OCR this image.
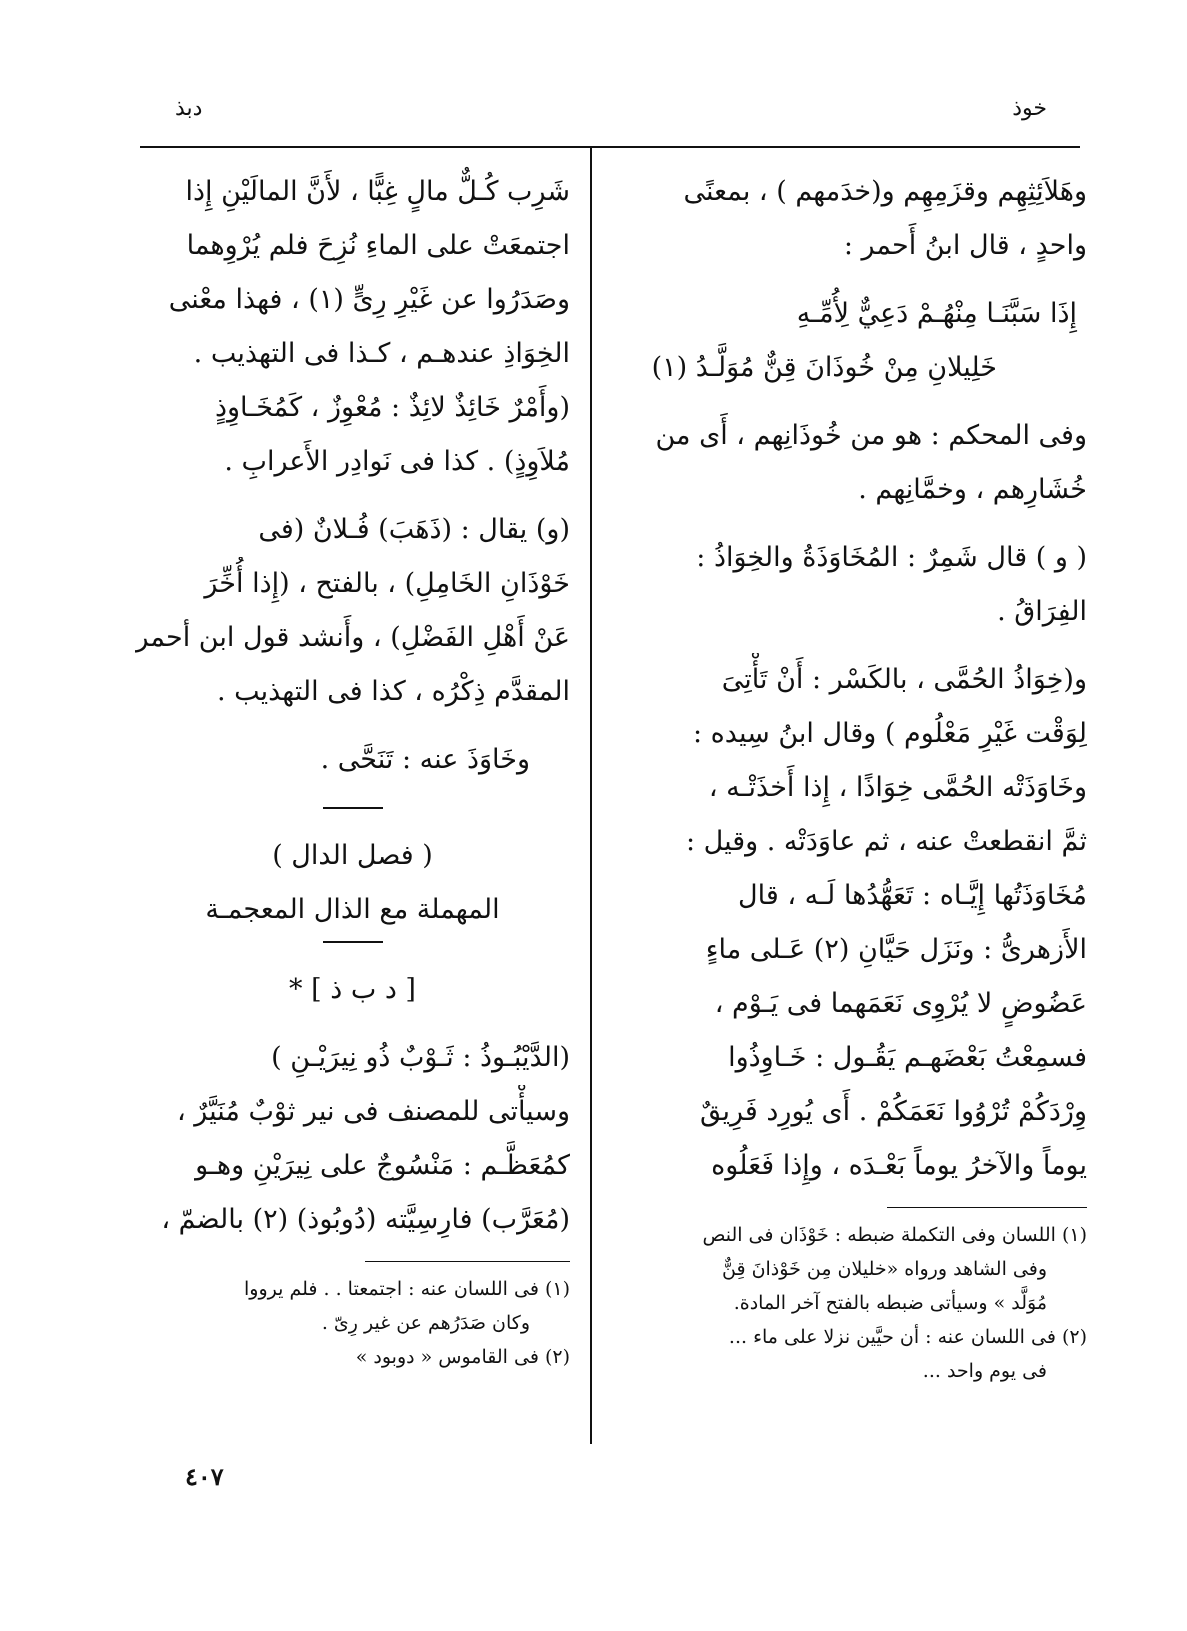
خوذ
دبذ
وهَلاَئِثِهِم وقزَمِهِم و(خدَمهم ) ، بمعنًى
واحدٍ ، قال ابنُ أَحمر :
إِذَا سَبَّنَـا مِنْهُـمْ دَعِيٌّ لِأُمِّـهِ
خَلِيلانِ مِنْ خُوذَانَ قِنٌّ مُوَلَّـدُ (١)
وفى المحكم : هو من خُوذَانِهم ، أَى من
خُشَارِهم ، وخمَّانِهم .
( و ) قال شَمِرٌ : المُخَاوَذَةُ والخِوَاذُ :
الفِرَاقُ .
و(خِوَاذُ الحُمَّى ، بالكَسْر : أَنْ تَأْتِىَ
لِوَقْت غَيْرِ مَعْلُوم ) وقال ابنُ سِيده :
وخَاوَذَتْه الحُمَّى خِوَاذًا ، إِذا أَخذَتْـه ،
ثمَّ انقطعتْ عنه ، ثم عاوَدَتْه . وقيل :
مُخَاوَذَتُها إِيَّـاه : تَعَهُّدُها لَـه ، قال
الأَزهرىُّ : ونَزَل حَيَّانِ (٢) عَـلى ماءٍ
عَضُوضٍ لا يُرْوِى نَعَمَهما فى يَـوْم ،
فسمِعْتُ بَعْضَهـم يَقُـول : خَـاوِذُوا
وِرْدَكُمْ تُرْوُوا نَعَمَكُمْ . أَى يُورِد فَرِيقٌ
يوماً والآخرُ يوماً بَعْـدَه ، وإِذا فَعَلُوه
(١) اللسان وفى التكملة ضبطه : خَوْذَان فى النص
وفى الشاهد ورواه «خليلان مِن خَوْذانَ قِنٌّ
مُوَلَّد » وسيأتى ضبطه بالفتح آخر المادة.
(٢) فى اللسان عنه : أن حيَّين نزلا على ماء ...
فى يوم واحد ...
شَرِب كُـلٌّ مالٍ غِبًّا ، لأَنَّ المالَيْنِ إِذا
اجتمعَتْ على الماءِ نُزِحَ فلم يُرْوِهما
وصَدَرُوا عن غَيْرِ رِىٍّ (١) ، فهذا معْنى
الخِوَاذِ عندهـم ، كـذا فى التهذيب .
(وأَمْرٌ خَائِذٌ لائِذٌ : مُعْوِزٌ ، كَمُخَـاوِذٍ
مُلاَوِذٍ) . كذا فى نَوادِر الأَعرابِ .
(و) يقال : (ذَهَبَ) فُـلانٌ (فى
خَوْذَانِ الخَامِلِ) ، بالفتح ، (إِذا أُخِّرَ
عَنْ أَهْلِ الفَضْلِ) ، وأَنشد قول ابن أحمر
المقدَّم ذِكْرُه ، كذا فى التهذيب .
وخَاوَذَ عنه : تَنَحَّى .
( فصل الدال )
المهملة مع الذال المعجمـة
[ د ب ذ ] *
(الدَّيْبُـوذُ : ثَـوْبٌ ذُو نِيرَيْـنِ )
وسيأْتى للمصنف فى نير ثوْبٌ مُنَيَّرٌ ،
كمُعَظَّـم : مَنْسُوجٌ على نِيرَيْنِ وهـو
(مُعَرَّب) فارِسِيَّته (دُوبُوذ) (٢) بالضمّ ،
(١) فى اللسان عنه : اجتمعتا . . فلم يرووا
وكان صَدَرُهم عن غير رِىّ .
(٢) فى القاموس « دوبود »
٤٠٧
